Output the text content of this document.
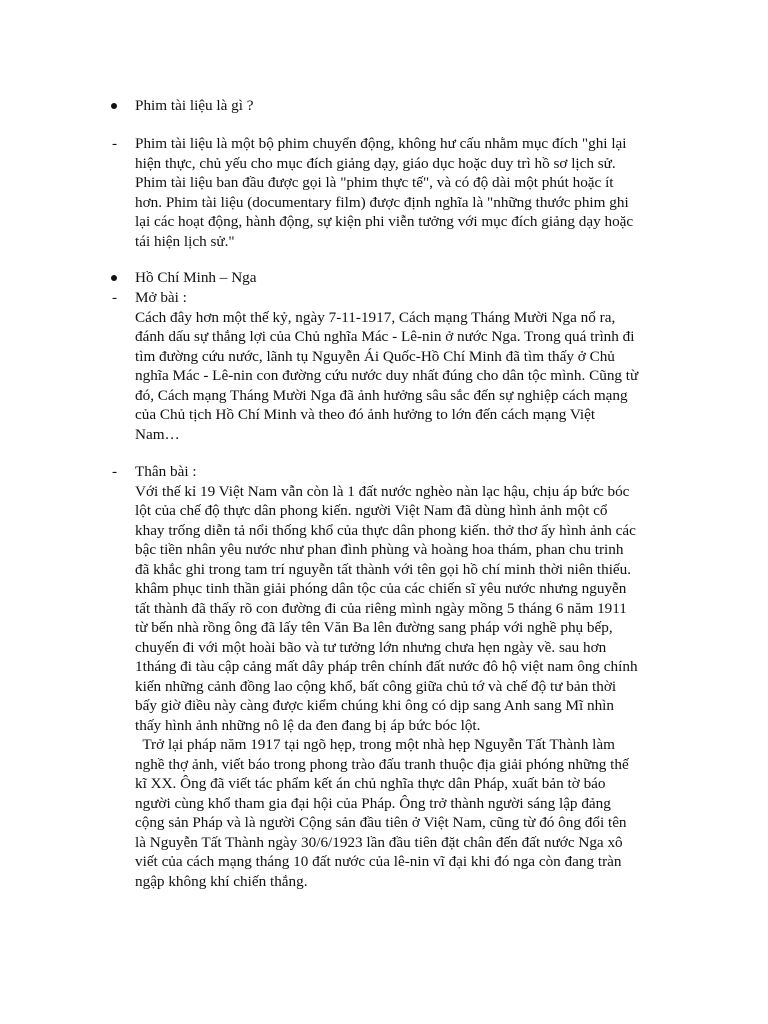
Phim tài liệu là gì ?
- Phim tài liệu là một bộ phim chuyển động, không hư cấu nhằm mục đích "ghi lại
hiện thực, chủ yếu cho mục đích giảng dạy, giáo dục hoặc duy trì hồ sơ lịch sử.
Phim tài liệu ban đầu được gọi là "phim thực tế", và có độ dài một phút hoặc ít
hơn. Phim tài liệu (documentary film) được định nghĩa là "những thước phim ghi
lại các hoạt động, hành động, sự kiện phi viễn tưởng với mục đích giảng dạy hoặc
tái hiện lịch sử."
Hồ Chí Minh – Nga
- Mở bài :
Cách đây hơn một thế kỷ, ngày 7-11-1917, Cách mạng Tháng Mười Nga nổ ra,
đánh dấu sự thắng lợi của Chủ nghĩa Mác - Lê-nin ở nước Nga. Trong quá trình đi
tìm đường cứu nước, lãnh tụ Nguyễn Ái Quốc-Hồ Chí Minh đã tìm thấy ở Chủ
nghĩa Mác - Lê-nin con đường cứu nước duy nhất đúng cho dân tộc mình. Cũng từ
đó, Cách mạng Tháng Mười Nga đã ảnh hưởng sâu sắc đến sự nghiệp cách mạng
của Chủ tịch Hồ Chí Minh và theo đó ảnh hưởng to lớn đến cách mạng Việt
Nam…
- Thân bài :
Với thế kỉ 19 Việt Nam vẫn còn là 1 đất nước nghèo nàn lạc hậu, chịu áp bức bóc
lột của chế độ thực dân phong kiến. người Việt Nam đã dùng hình ảnh một cổ
khay trống diễn tả nổi thống khổ của thực dân phong kiến. thở thơ ấy hình ảnh các
bậc tiền nhân yêu nước như phan đình phùng và hoàng hoa thám, phan chu trinh
đã khắc ghi trong tam trí nguyễn tất thành với tên gọi hồ chí minh thời niên thiếu.
khâm phục tinh thần giải phóng dân tộc của các chiến sĩ yêu nước nhưng nguyễn
tất thành đã thấy rõ con đường đi của riêng mình ngày mồng 5 tháng 6 năm 1911
từ bến nhà rồng ông đã lấy tên Văn Ba lên đường sang pháp với nghề phụ bếp,
chuyến đi với một hoài bão và tư tưởng lớn nhưng chưa hẹn ngày về. sau hơn
1tháng đi tàu cập cảng mất dây pháp trên chính đất nước đô hộ việt nam ông chính
kiến những cảnh đồng lao cộng khổ, bất công giữa chủ tớ và chế độ tư bản thời
bấy giờ điều này càng được kiểm chúng khi ông có dịp sang Anh sang Mĩ nhìn
thấy hình ảnh những nô lệ da đen đang bị áp bức bóc lột.
Trở lại pháp năm 1917 tại ngõ hẹp, trong một nhà hẹp Nguyễn Tất Thành làm
nghề thợ ảnh, viết báo trong phong trào đấu tranh thuộc địa giải phóng những thế
kĩ XX. Ông đã viết tác phẩm kết án chủ nghĩa thực dân Pháp, xuất bản tờ báo
người cùng khổ tham gia đại hội của Pháp. Ông trở thành người sáng lập đảng
cộng sản Pháp và là người Cộng sản đầu tiên ở Việt Nam, cũng từ đó ông đổi tên
là Nguyễn Tất Thành ngày 30/6/1923 lần đầu tiên đặt chân đến đất nước Nga xô
viết của cách mạng tháng 10 đất nước của lê-nin vĩ đại khi đó nga còn đang tràn
ngập không khí chiến thắng.
